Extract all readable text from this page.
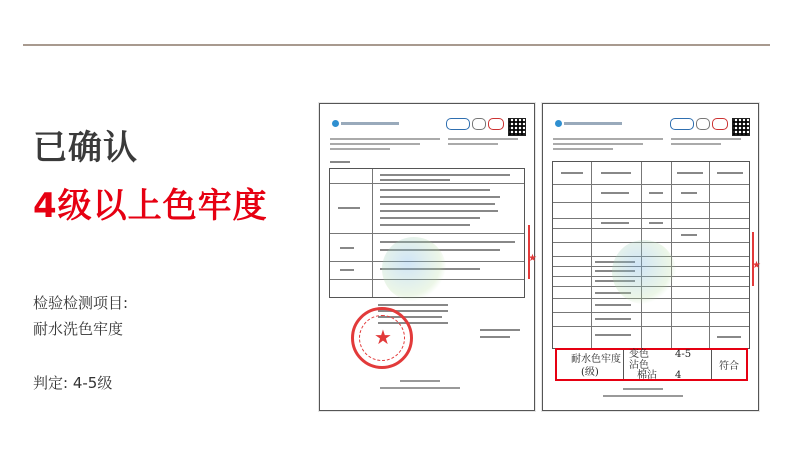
已确认
4级以上色牢度
检验检测项目:
耐水洗色牢度
判定: 4-5级
★
★
★
耐水色牢度
(级)
变色	4-5
沾色
棉沾 4
符合
